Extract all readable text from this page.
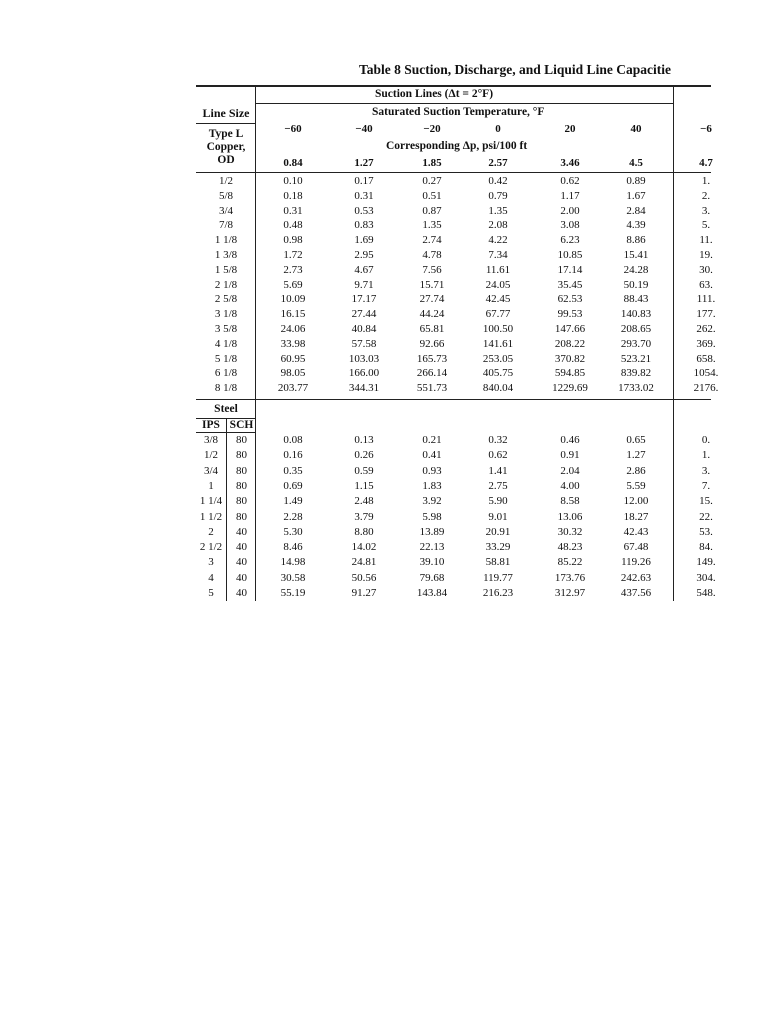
Table 8 Suction, Discharge, and Liquid Line Capacitie
Suction Lines (Δt = 2°F)
Line Size	Saturated Suction Temperature, °F
Type L Copper, OD
Corresponding Δp, psi/100 ft
−60	−40	−20	0	20	40	−6
0.84	1.27	1.85	2.57	3.46	4.5	4.7
1/2	0.10	0.17	0.27	0.42	0.62	0.89	1.
5/8	0.18	0.31	0.51	0.79	1.17	1.67	2.
3/4	0.31	0.53	0.87	1.35	2.00	2.84	3.
7/8	0.48	0.83	1.35	2.08	3.08	4.39	5.
1 1/8	0.98	1.69	2.74	4.22	6.23	8.86	11.
1 3/8	1.72	2.95	4.78	7.34	10.85	15.41	19.
1 5/8	2.73	4.67	7.56	11.61	17.14	24.28	30.
2 1/8	5.69	9.71	15.71	24.05	35.45	50.19	63.
2 5/8	10.09	17.17	27.74	42.45	62.53	88.43	111.
3 1/8	16.15	27.44	44.24	67.77	99.53	140.83	177.
3 5/8	24.06	40.84	65.81	100.50	147.66	208.65	262.
4 1/8	33.98	57.58	92.66	141.61	208.22	293.70	369.
5 1/8	60.95	103.03	165.73	253.05	370.82	523.21	658.
6 1/8	98.05	166.00	266.14	405.75	594.85	839.82	1054.
8 1/8	203.77	344.31	551.73	840.04	1229.69	1733.02	2176.
Steel
IPS SCH
3/8	80	0.08	0.13	0.21	0.32	0.46	0.65	0.
1/2	80	0.16	0.26	0.41	0.62	0.91	1.27	1.
3/4	80	0.35	0.59	0.93	1.41	2.04	2.86	3.
1	80	0.69	1.15	1.83	2.75	4.00	5.59	7.
1 1/4	80	1.49	2.48	3.92	5.90	8.58	12.00	15.
1 1/2	80	2.28	3.79	5.98	9.01	13.06	18.27	22.
2	40	5.30	8.80	13.89	20.91	30.32	42.43	53.
2 1/2	40	8.46	14.02	22.13	33.29	48.23	67.48	84.
3	40	14.98	24.81	39.10	58.81	85.22	119.26	149.
4	40	30.58	50.56	79.68	119.77	173.76	242.63	304.
5	40	55.19	91.27	143.84	216.23	312.97	437.56	548.
